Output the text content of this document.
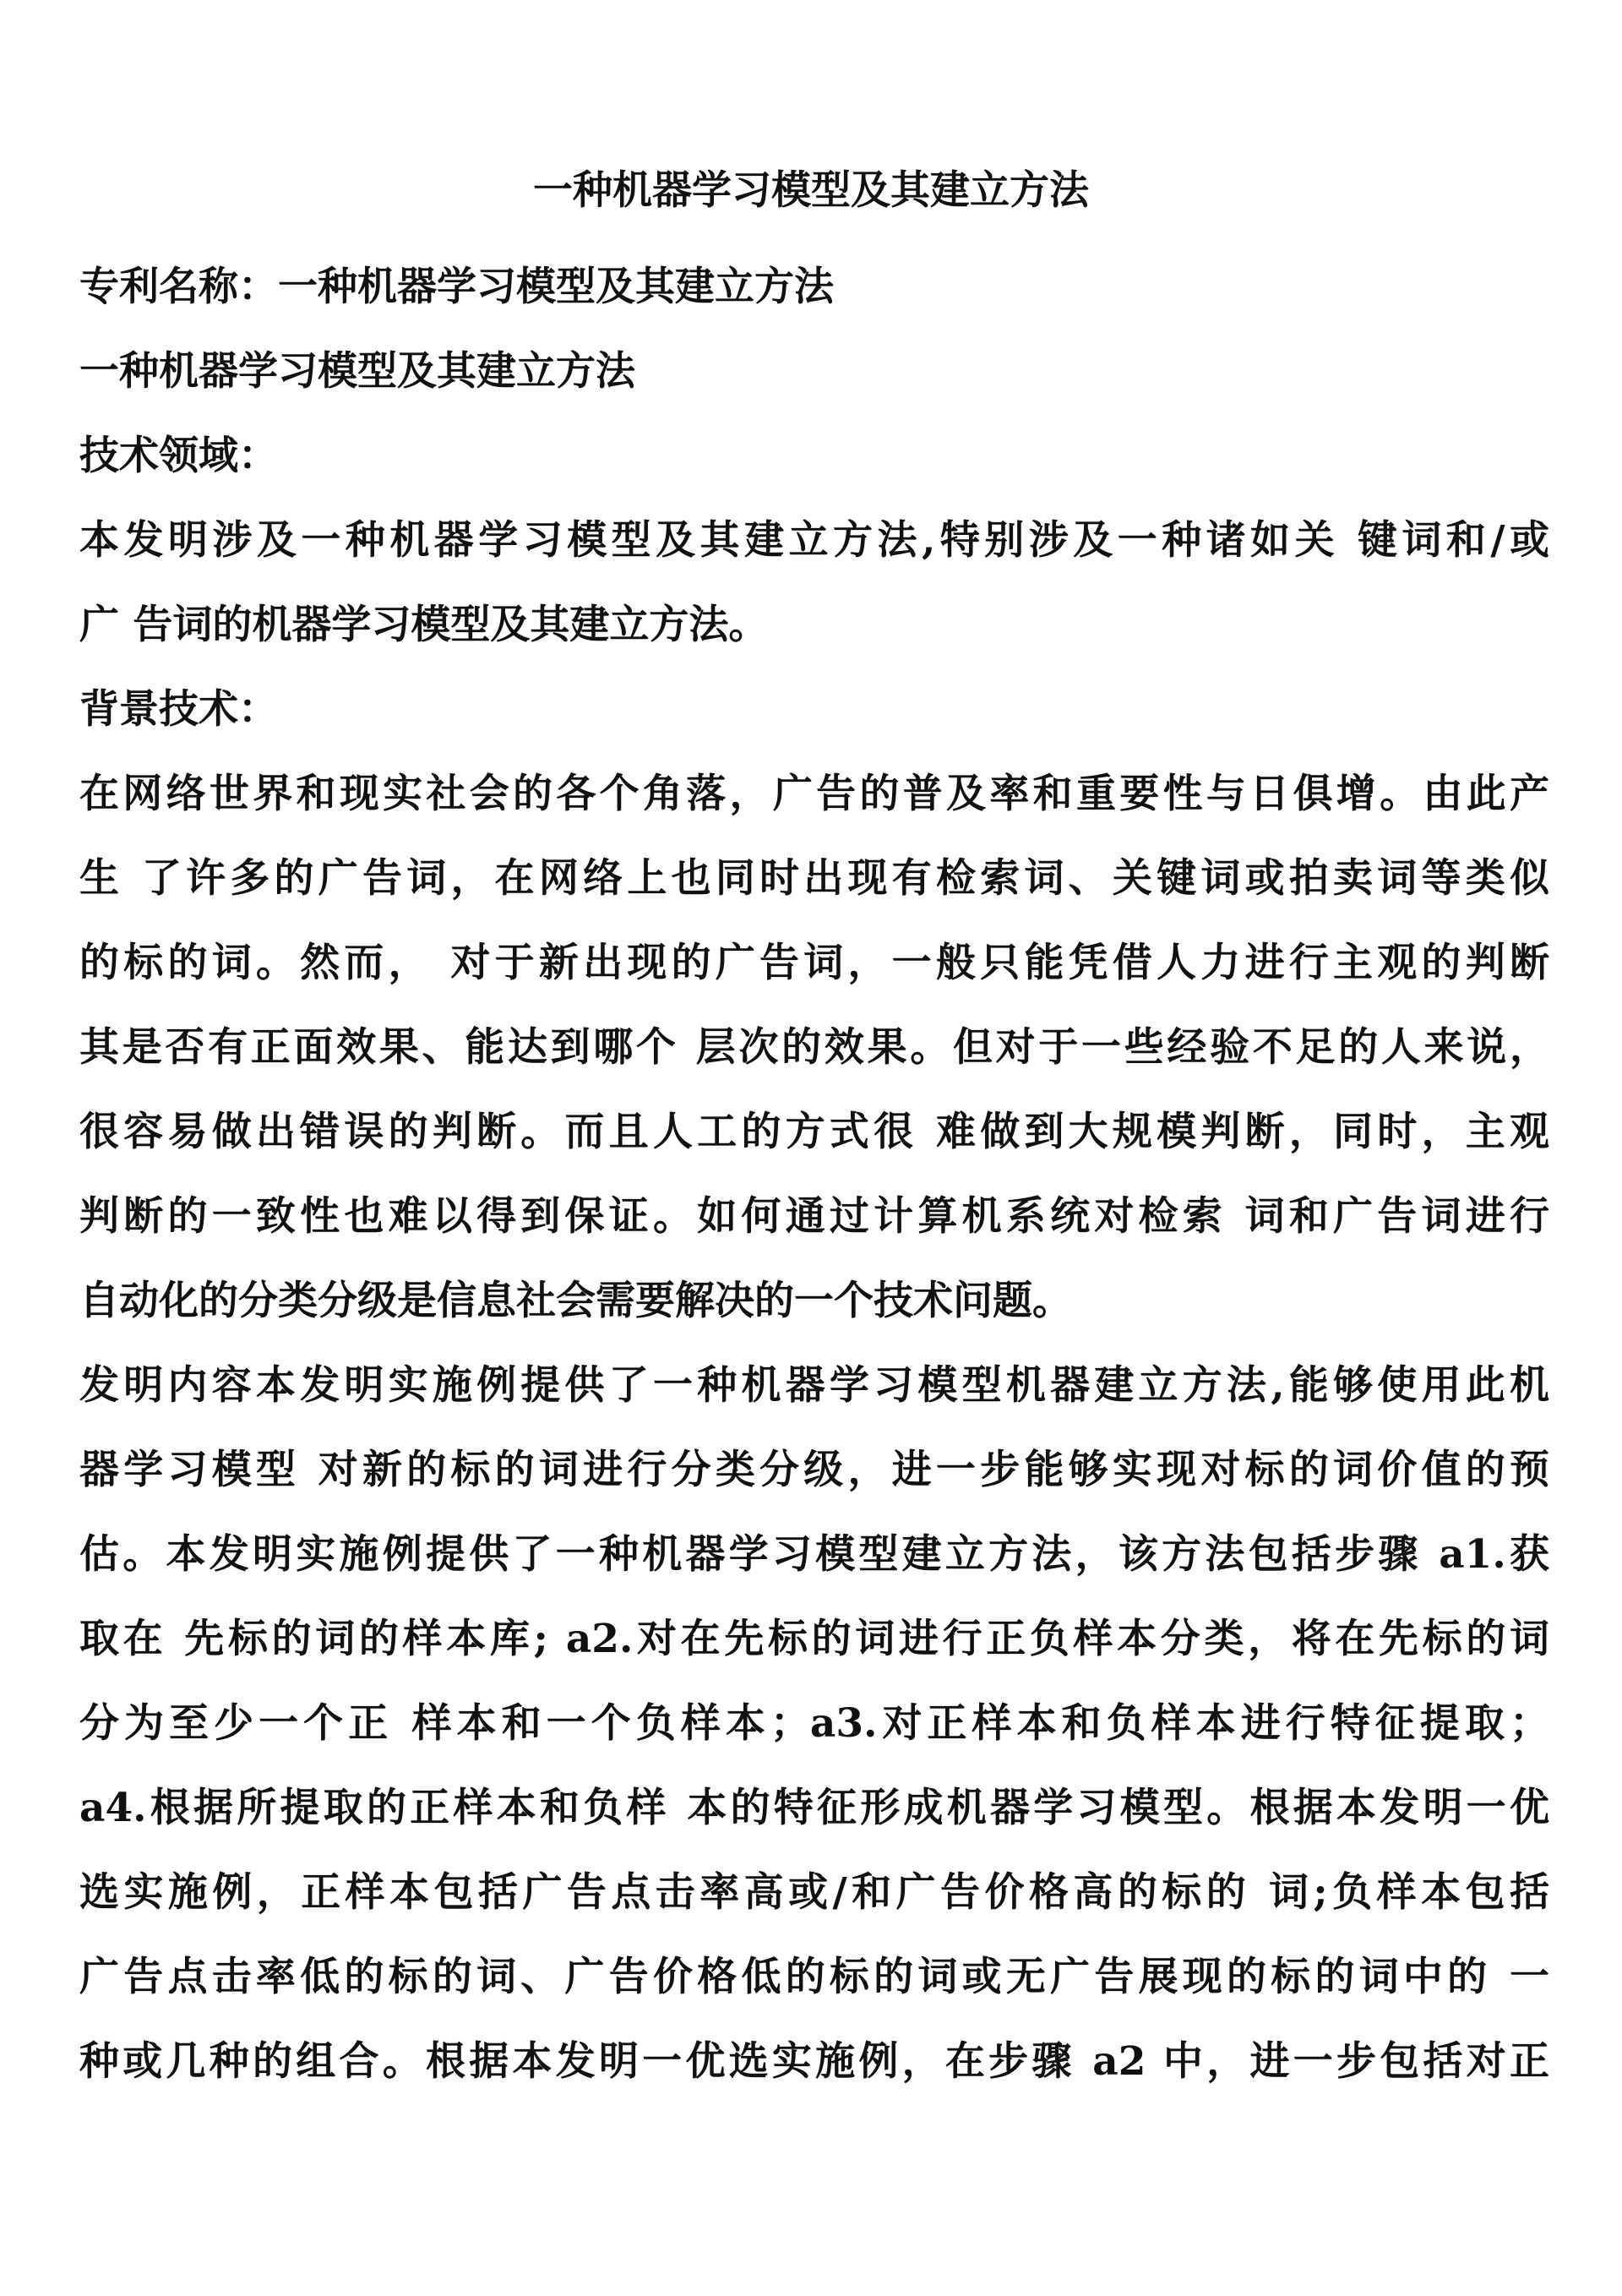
一种机器学习模型及其建立方法
专利名称：一种机器学习模型及其建立方法
一种机器学习模型及其建立方法
技术领域：
本发明涉及一种机器学习模型及其建立方法,特别涉及一种诸如关 键词和/或
广 告词的机器学习模型及其建立方法。
背景技术：
在网络世界和现实社会的各个角落，广告的普及率和重要性与日俱增。由此产
生 了许多的广告词，在网络上也同时出现有检索词、关键词或拍卖词等类似
的标的词。然而， 对于新出现的广告词，一般只能凭借人力进行主观的判断
其是否有正面效果、能达到哪个 层次的效果。但对于一些经验不足的人来说，
很容易做出错误的判断。而且人工的方式很 难做到大规模判断，同时，主观
判断的一致性也难以得到保证。如何通过计算机系统对检索 词和广告词进行
自动化的分类分级是信息社会需要解决的一个技术问题。
发明内容本发明实施例提供了一种机器学习模型机器建立方法,能够使用此机
器学习模型 对新的标的词进行分类分级，进一步能够实现对标的词价值的预
估。本发明实施例提供了一种机器学习模型建立方法，该方法包括步骤 a1.获
取在 先标的词的样本库; a2.对在先标的词进行正负样本分类，将在先标的词
分为至少一个正 样本和一个负样本；a3.对正样本和负样本进行特征提取；
a4.根据所提取的正样本和负样 本的特征形成机器学习模型。根据本发明一优
选实施例，正样本包括广告点击率高或/和广告价格高的标的 词;负样本包括
广告点击率低的标的词、广告价格低的标的词或无广告展现的标的词中的 一
种或几种的组合。根据本发明一优选实施例，在步骤 a2 中，进一步包括对正
